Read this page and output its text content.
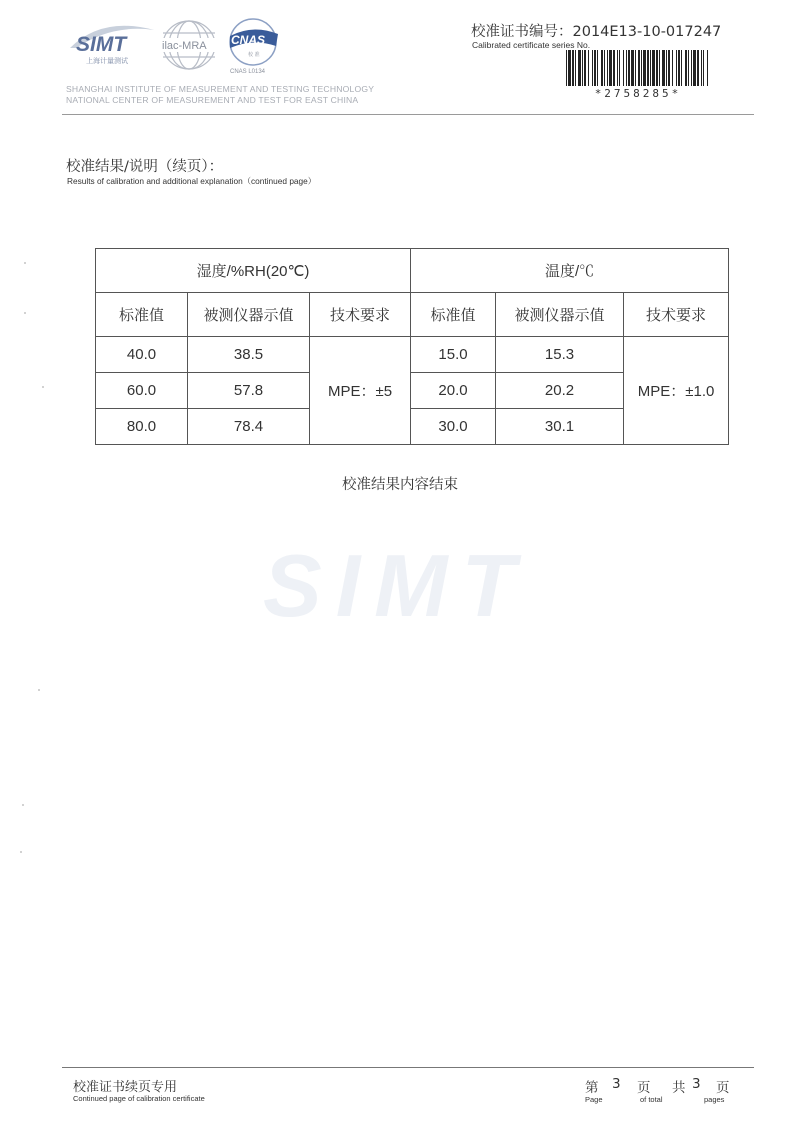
SIMT
上海计量测试
ilac-MRA CNAS
校 准
CNAS L0134
SHANGHAI INSTITUTE OF MEASUREMENT AND TESTING TECHNOLOGY
NATIONAL CENTER OF MEASUREMENT AND TEST FOR EAST CHINA
校准证书编号：2014E13-10-017247
Calibrated certificate series No.
*2758285*
校准结果/说明（续页）：
Results of calibration and additional explanation（continued page）
湿度/%RH(20℃)			温度/℃		
标准值	被测仪器示值	技术要求	标准值	被测仪器示值	技术要求
40.0	38.5	MPE：±5	15.0	15.3	MPE：±1.0
60.0	57.8		20.0	20.2	
80.0	78.4		30.0	30.1	
校准结果内容结束
SIMT
校准证书续页专用
Continued page of calibration certificate
第 3 页 共 3 页
Page	of total	pages
